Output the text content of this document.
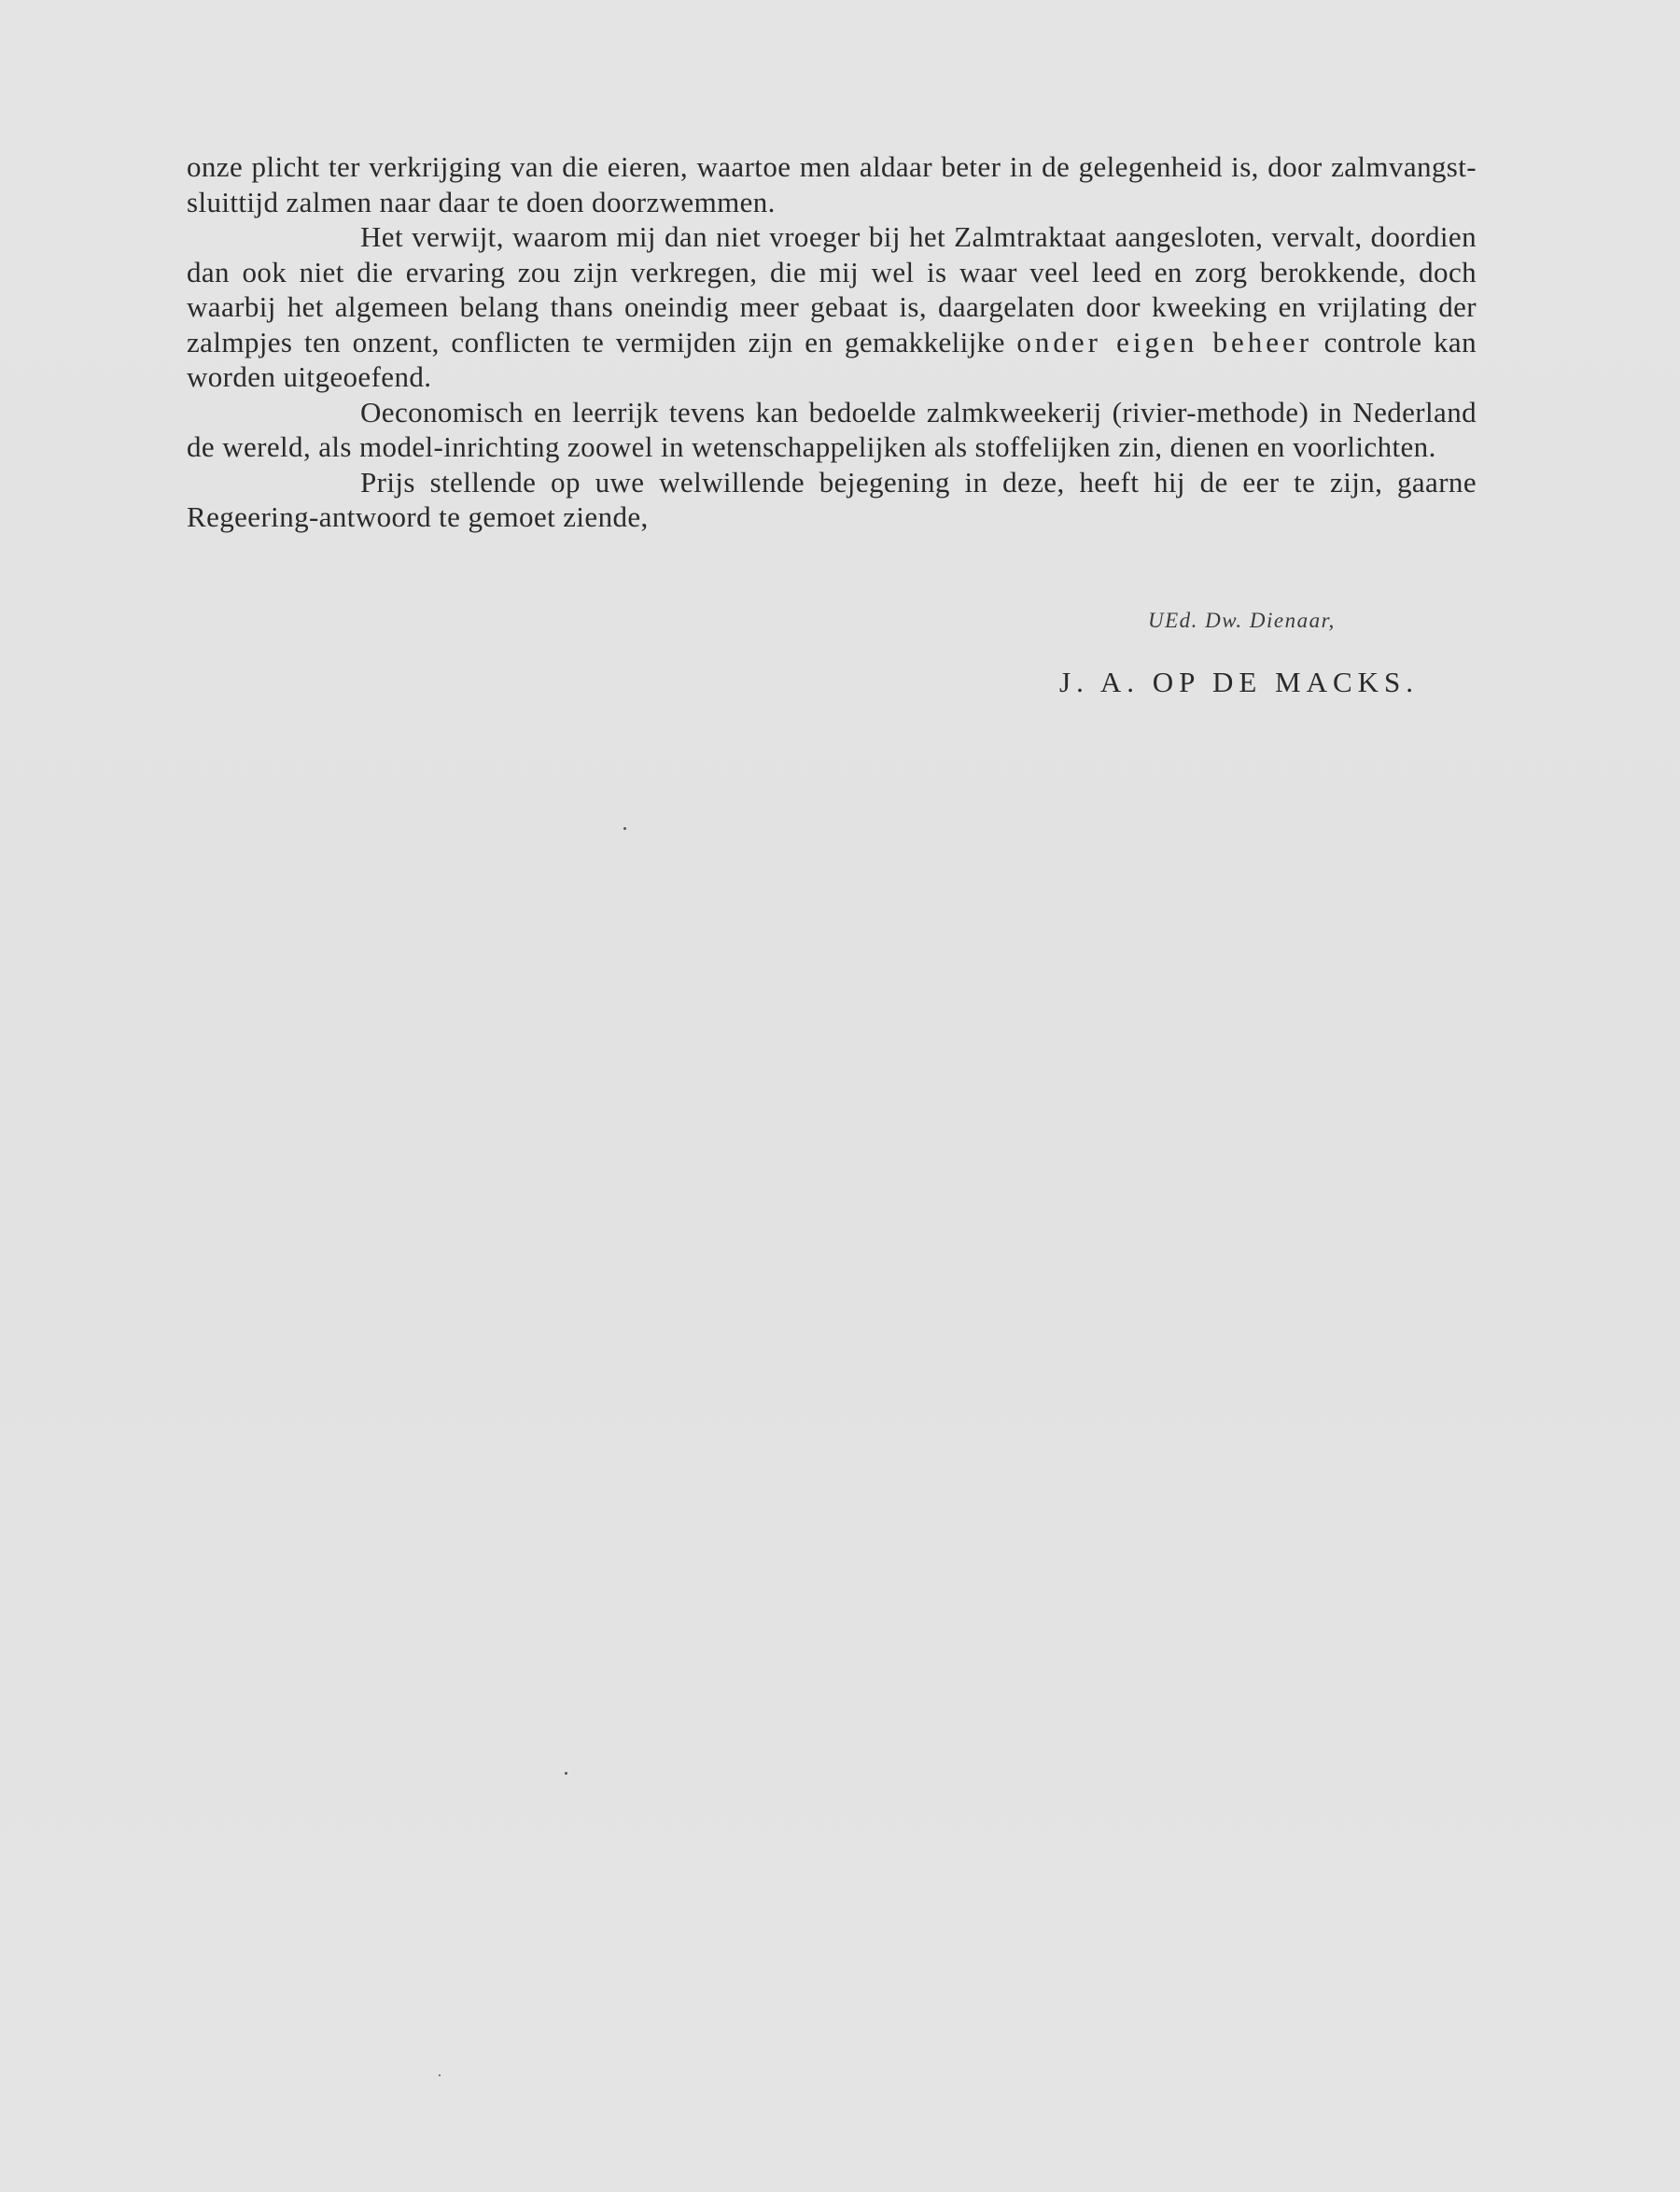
onze plicht ter verkrijging van die eieren, waartoe men aldaar beter in de gelegenheid is, door zalmvangst-sluittijd zalmen naar daar te doen doorzwemmen.

Het verwijt, waarom mij dan niet vroeger bij het Zalmtraktaat aangesloten, vervalt, doordien dan ook niet die ervaring zou zijn verkregen, die mij wel is waar veel leed en zorg berokkende, doch waarbij het algemeen belang thans oneindig meer gebaat is, daargelaten door kweeking en vrijlating der zalmpjes ten onzent, conflicten te vermijden zijn en gemakkelijke onder eigen beheer controle kan worden uitgeoefend.

Oeconomisch en leerrijk tevens kan bedoelde zalmkweekerij (rivier-methode) in Nederland de wereld, als model-inrichting zoowel in wetenschappelijken als stoffelijken zin, dienen en voorlichten.

Prijs stellende op uwe welwillende bejegening in deze, heeft hij de eer te zijn, gaarne Regeering-antwoord te gemoet ziende,

UEd. Dw. Dienaar,
J. A. OP DE MACKS.
